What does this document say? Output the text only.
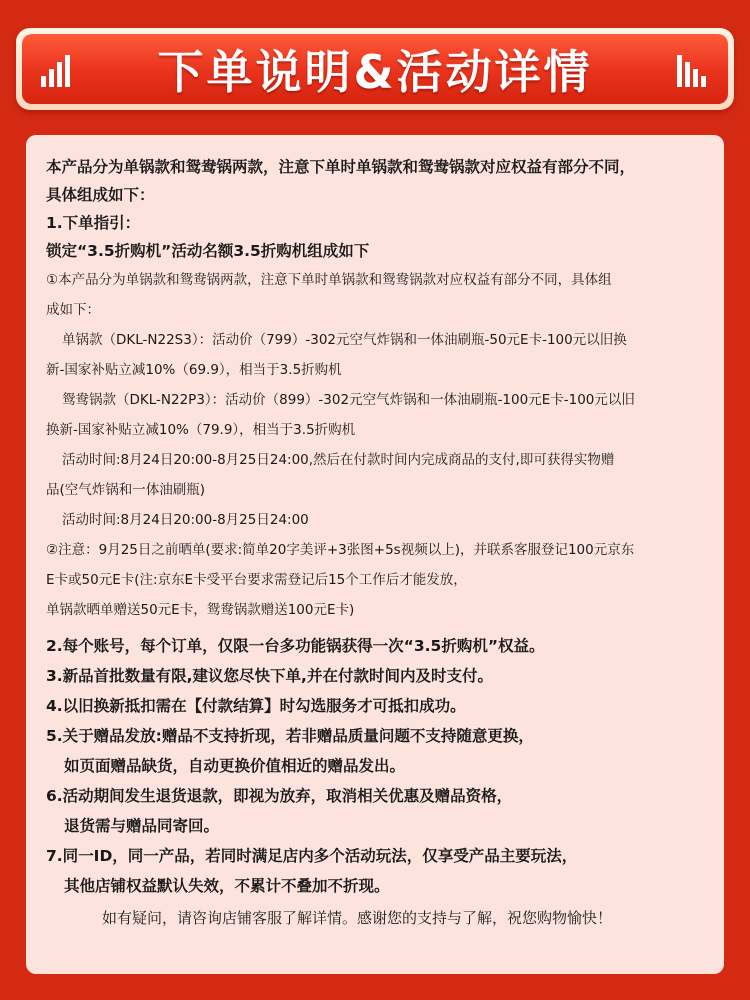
下单说明&活动详情
本产品分为单锅款和鸳鸯锅两款，注意下单时单锅款和鸳鸯锅款对应权益有部分不同，
具体组成如下：
1.下单指引：
锁定“3.5折购机”活动名额3.5折购机组成如下
①本产品分为单锅款和鸳鸯锅两款，注意下单时单锅款和鸳鸯锅款对应权益有部分不同，具体组
成如下：
单锅款（DKL-N22S3）：活动价（799）-302元空气炸锅和一体油刷瓶-50元E卡-100元以旧换
新-国家补贴立减10%（69.9），相当于3.5折购机
鸳鸯锅款（DKL-N22P3）：活动价（899）-302元空气炸锅和一体油刷瓶-100元E卡-100元以旧
换新-国家补贴立减10%（79.9），相当于3.5折购机
活动时间:8月24日20:00-8月25日24:00,然后在付款时间内完成商品的支付,即可获得实物赠
品(空气炸锅和一体油刷瓶)
活动时间:8月24日20:00-8月25日24:00
②注意：9月25日之前晒单(要求:简单20字美评+3张图+5s视频以上)，并联系客服登记100元京东
E卡或50元E卡(注:京东E卡受平台要求需登记后15个工作后才能发放，
单锅款晒单赠送50元E卡，鸳鸯锅款赠送100元E卡)
2.每个账号，每个订单，仅限一台多功能锅获得一次“3.5折购机”权益。
3.新品首批数量有限,建议您尽快下单,并在付款时间内及时支付。
4.以旧换新抵扣需在【付款结算】时勾选服务才可抵扣成功。
5.关于赠品发放:赠品不支持折现，若非赠品质量问题不支持随意更换，
如页面赠品缺货，自动更换价值相近的赠品发出。
6.活动期间发生退货退款，即视为放弃，取消相关优惠及赠品资格，
退货需与赠品同寄回。
7.同一ID，同一产品，若同时满足店内多个活动玩法，仅享受产品主要玩法，
其他店铺权益默认失效，不累计不叠加不折现。
如有疑问，请咨询店铺客服了解详情。感谢您的支持与了解，祝您购物愉快！
